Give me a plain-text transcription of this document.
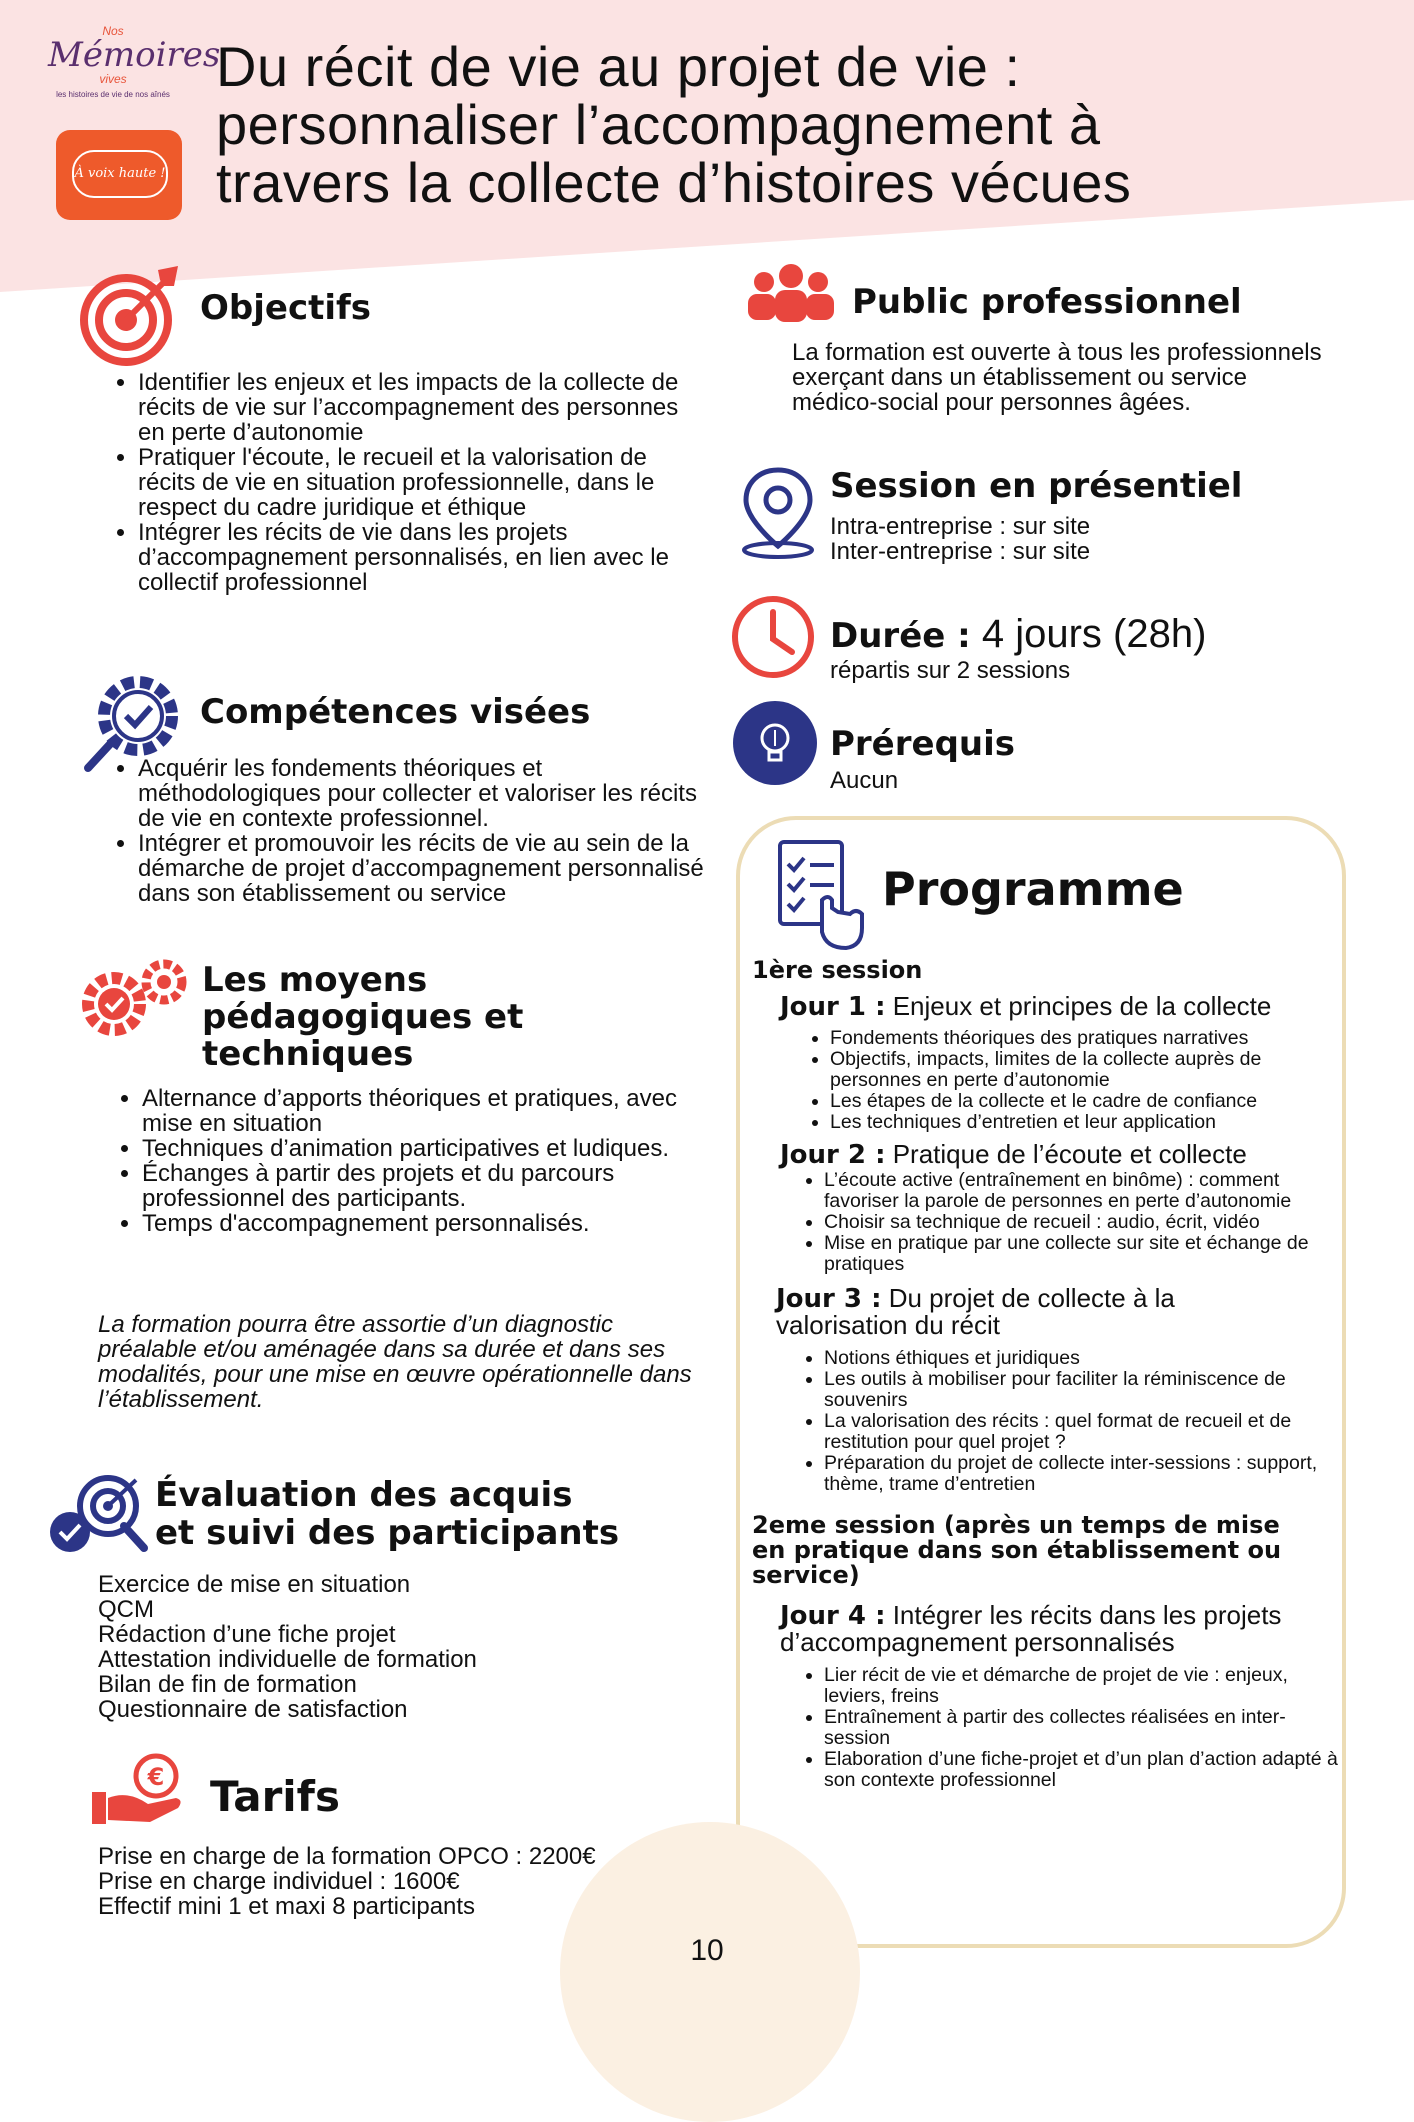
Nos
Mémoires
vives
les histoires de vie de nos aînés
À voix haute !
Du récit de vie au projet de vie :
personnaliser l’accompagnement à
travers la collecte d’histoires vécues
Objectifs
• Identifier les enjeux et les impacts de la collecte de récits de vie sur l’accompagnement des personnes en perte d’autonomie
• Pratiquer l'écoute, le recueil et la valorisation de récits de vie en situation professionnelle, dans le respect du cadre juridique et éthique
• Intégrer les récits de vie dans les projets d’accompagnement personnalisés, en lien avec le collectif professionnel
Compétences visées
• Acquérir les fondements théoriques et méthodologiques pour collecter et valoriser les récits de vie en contexte professionnel.
• Intégrer et promouvoir les récits de vie au sein de la démarche de projet d’accompagnement personnalisé dans son établissement ou service
Les moyens pédagogiques et techniques
• Alternance d’apports théoriques et pratiques, avec mise en situation
• Techniques d’animation participatives et ludiques.
• Échanges à partir des projets et du parcours professionnel des participants.
• Temps d'accompagnement personnalisés.

La formation pourra être assortie d’un diagnostic préalable et/ou aménagée dans sa durée et dans ses modalités, pour une mise en œuvre opérationnelle dans l’établissement.

Évaluation des acquis
et suivi des participants

Exercice de mise en situation

QCM

Rédaction d’une fiche projet

Attestation individuelle de formation

Bilan de fin de formation

Questionnaire de satisfaction

€ Tarifs

Prise en charge de la formation OPCO : 2200€

Prise en charge individuel : 1600€

Effectif mini 1 et maxi 8 participants

Public professionnel

La formation est ouverte à tous les professionnels exerçant dans un établissement ou service médico-social pour personnes âgées.

Session en présentiel

Intra-entreprise : sur site

Inter-entreprise : sur site

Durée : 4 jours (28h)

répartis sur 2 sessions

Prérequis

Aucun

Programme

1ère session

Jour 1 : Enjeux et principes de la collecte

• Fondements théoriques des pratiques narratives
• Objectifs, impacts, limites de la collecte auprès de personnes en perte d’autonomie
• Les étapes de la collecte et le cadre de confiance
• Les techniques d’entretien et leur application

Jour 2 : Pratique de l’écoute et collecte

• L’écoute active (entraînement en binôme) : comment favoriser la parole de personnes en perte d’autonomie
• Choisir sa technique de recueil : audio, écrit, vidéo
• Mise en pratique par une collecte sur site et échange de pratiques

Jour 3 : Du projet de collecte à la valorisation du récit

• Notions éthiques et juridiques
• Les outils à mobiliser pour faciliter la réminiscence de souvenirs
• La valorisation des récits : quel format de recueil et de restitution pour quel projet ?
• Préparation du projet de collecte inter-sessions : support, thème, trame d’entretien

2eme session (après un temps de mise en pratique dans son établissement ou service)

Jour 4 : Intégrer les récits dans les projets d’accompagnement personnalisés

• Lier récit de vie et démarche de projet de vie : enjeux, leviers, freins
• Entraînement à partir des collectes réalisées en inter-session
• Elaboration d’une fiche-projet et d’un plan d’action adapté à son contexte professionnel
10
